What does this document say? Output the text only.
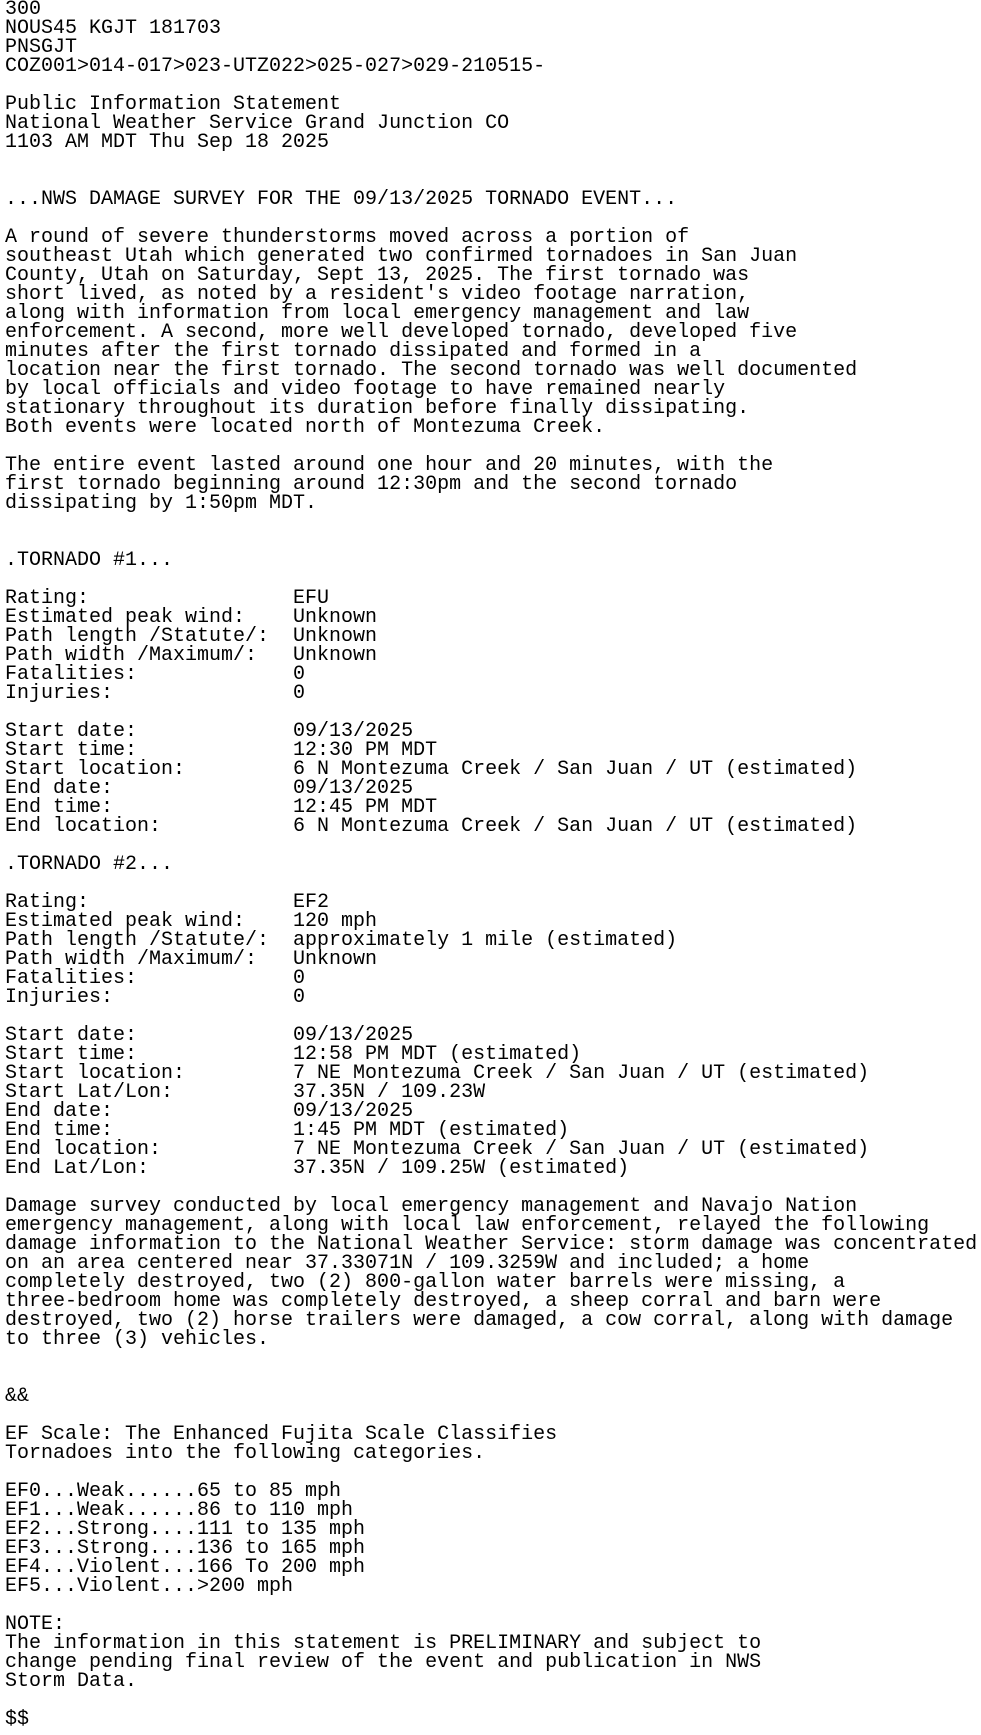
300
NOUS45 KGJT 181703
PNSGJT
COZ001>014-017>023-UTZ022>025-027>029-210515-
Public Information Statement
National Weather Service Grand Junction CO
1103 AM MDT Thu Sep 18 2025
...NWS DAMAGE SURVEY FOR THE 09/13/2025 TORNADO EVENT...
A round of severe thunderstorms moved across a portion of
southeast Utah which generated two confirmed tornadoes in San Juan
County, Utah on Saturday, Sept 13, 2025. The first tornado was
short lived, as noted by a resident's video footage narration,
along with information from local emergency management and law
enforcement. A second, more well developed tornado, developed five
minutes after the first tornado dissipated and formed in a
location near the first tornado. The second tornado was well documented
by local officials and video footage to have remained nearly
stationary throughout its duration before finally dissipating.
Both events were located north of Montezuma Creek.
The entire event lasted around one hour and 20 minutes, with the
first tornado beginning around 12:30pm and the second tornado
dissipating by 1:50pm MDT.
.TORNADO #1...
Rating:                 EFU
Estimated peak wind:    Unknown
Path length /Statute/:  Unknown
Path width /Maximum/:   Unknown
Fatalities:             0
Injuries:               0
Start date:             09/13/2025
Start time:             12:30 PM MDT
Start location:         6 N Montezuma Creek / San Juan / UT (estimated)
End date:               09/13/2025
End time:               12:45 PM MDT
End location:           6 N Montezuma Creek / San Juan / UT (estimated)
.TORNADO #2...
Rating:                 EF2
Estimated peak wind:    120 mph
Path length /Statute/:  approximately 1 mile (estimated)
Path width /Maximum/:   Unknown
Fatalities:             0
Injuries:               0
Start date:             09/13/2025
Start time:             12:58 PM MDT (estimated)
Start location:         7 NE Montezuma Creek / San Juan / UT (estimated)
Start Lat/Lon:          37.35N / 109.23W
End date:               09/13/2025
End time:               1:45 PM MDT (estimated)
End location:           7 NE Montezuma Creek / San Juan / UT (estimated)
End Lat/Lon:            37.35N / 109.25W (estimated)
Damage survey conducted by local emergency management and Navajo Nation
emergency management, along with local law enforcement, relayed the following
damage information to the National Weather Service: storm damage was concentrated
on an area centered near 37.33071N / 109.3259W and included; a home
completely destroyed, two (2) 800-gallon water barrels were missing, a
three-bedroom home was completely destroyed, a sheep corral and barn were
destroyed, two (2) horse trailers were damaged, a cow corral, along with damage
to three (3) vehicles.
&&
EF Scale: The Enhanced Fujita Scale Classifies
Tornadoes into the following categories.
EF0...Weak......65 to 85 mph
EF1...Weak......86 to 110 mph
EF2...Strong....111 to 135 mph
EF3...Strong....136 to 165 mph
EF4...Violent...166 To 200 mph
EF5...Violent...>200 mph
NOTE:
The information in this statement is PRELIMINARY and subject to
change pending final review of the event and publication in NWS
Storm Data.
$$
